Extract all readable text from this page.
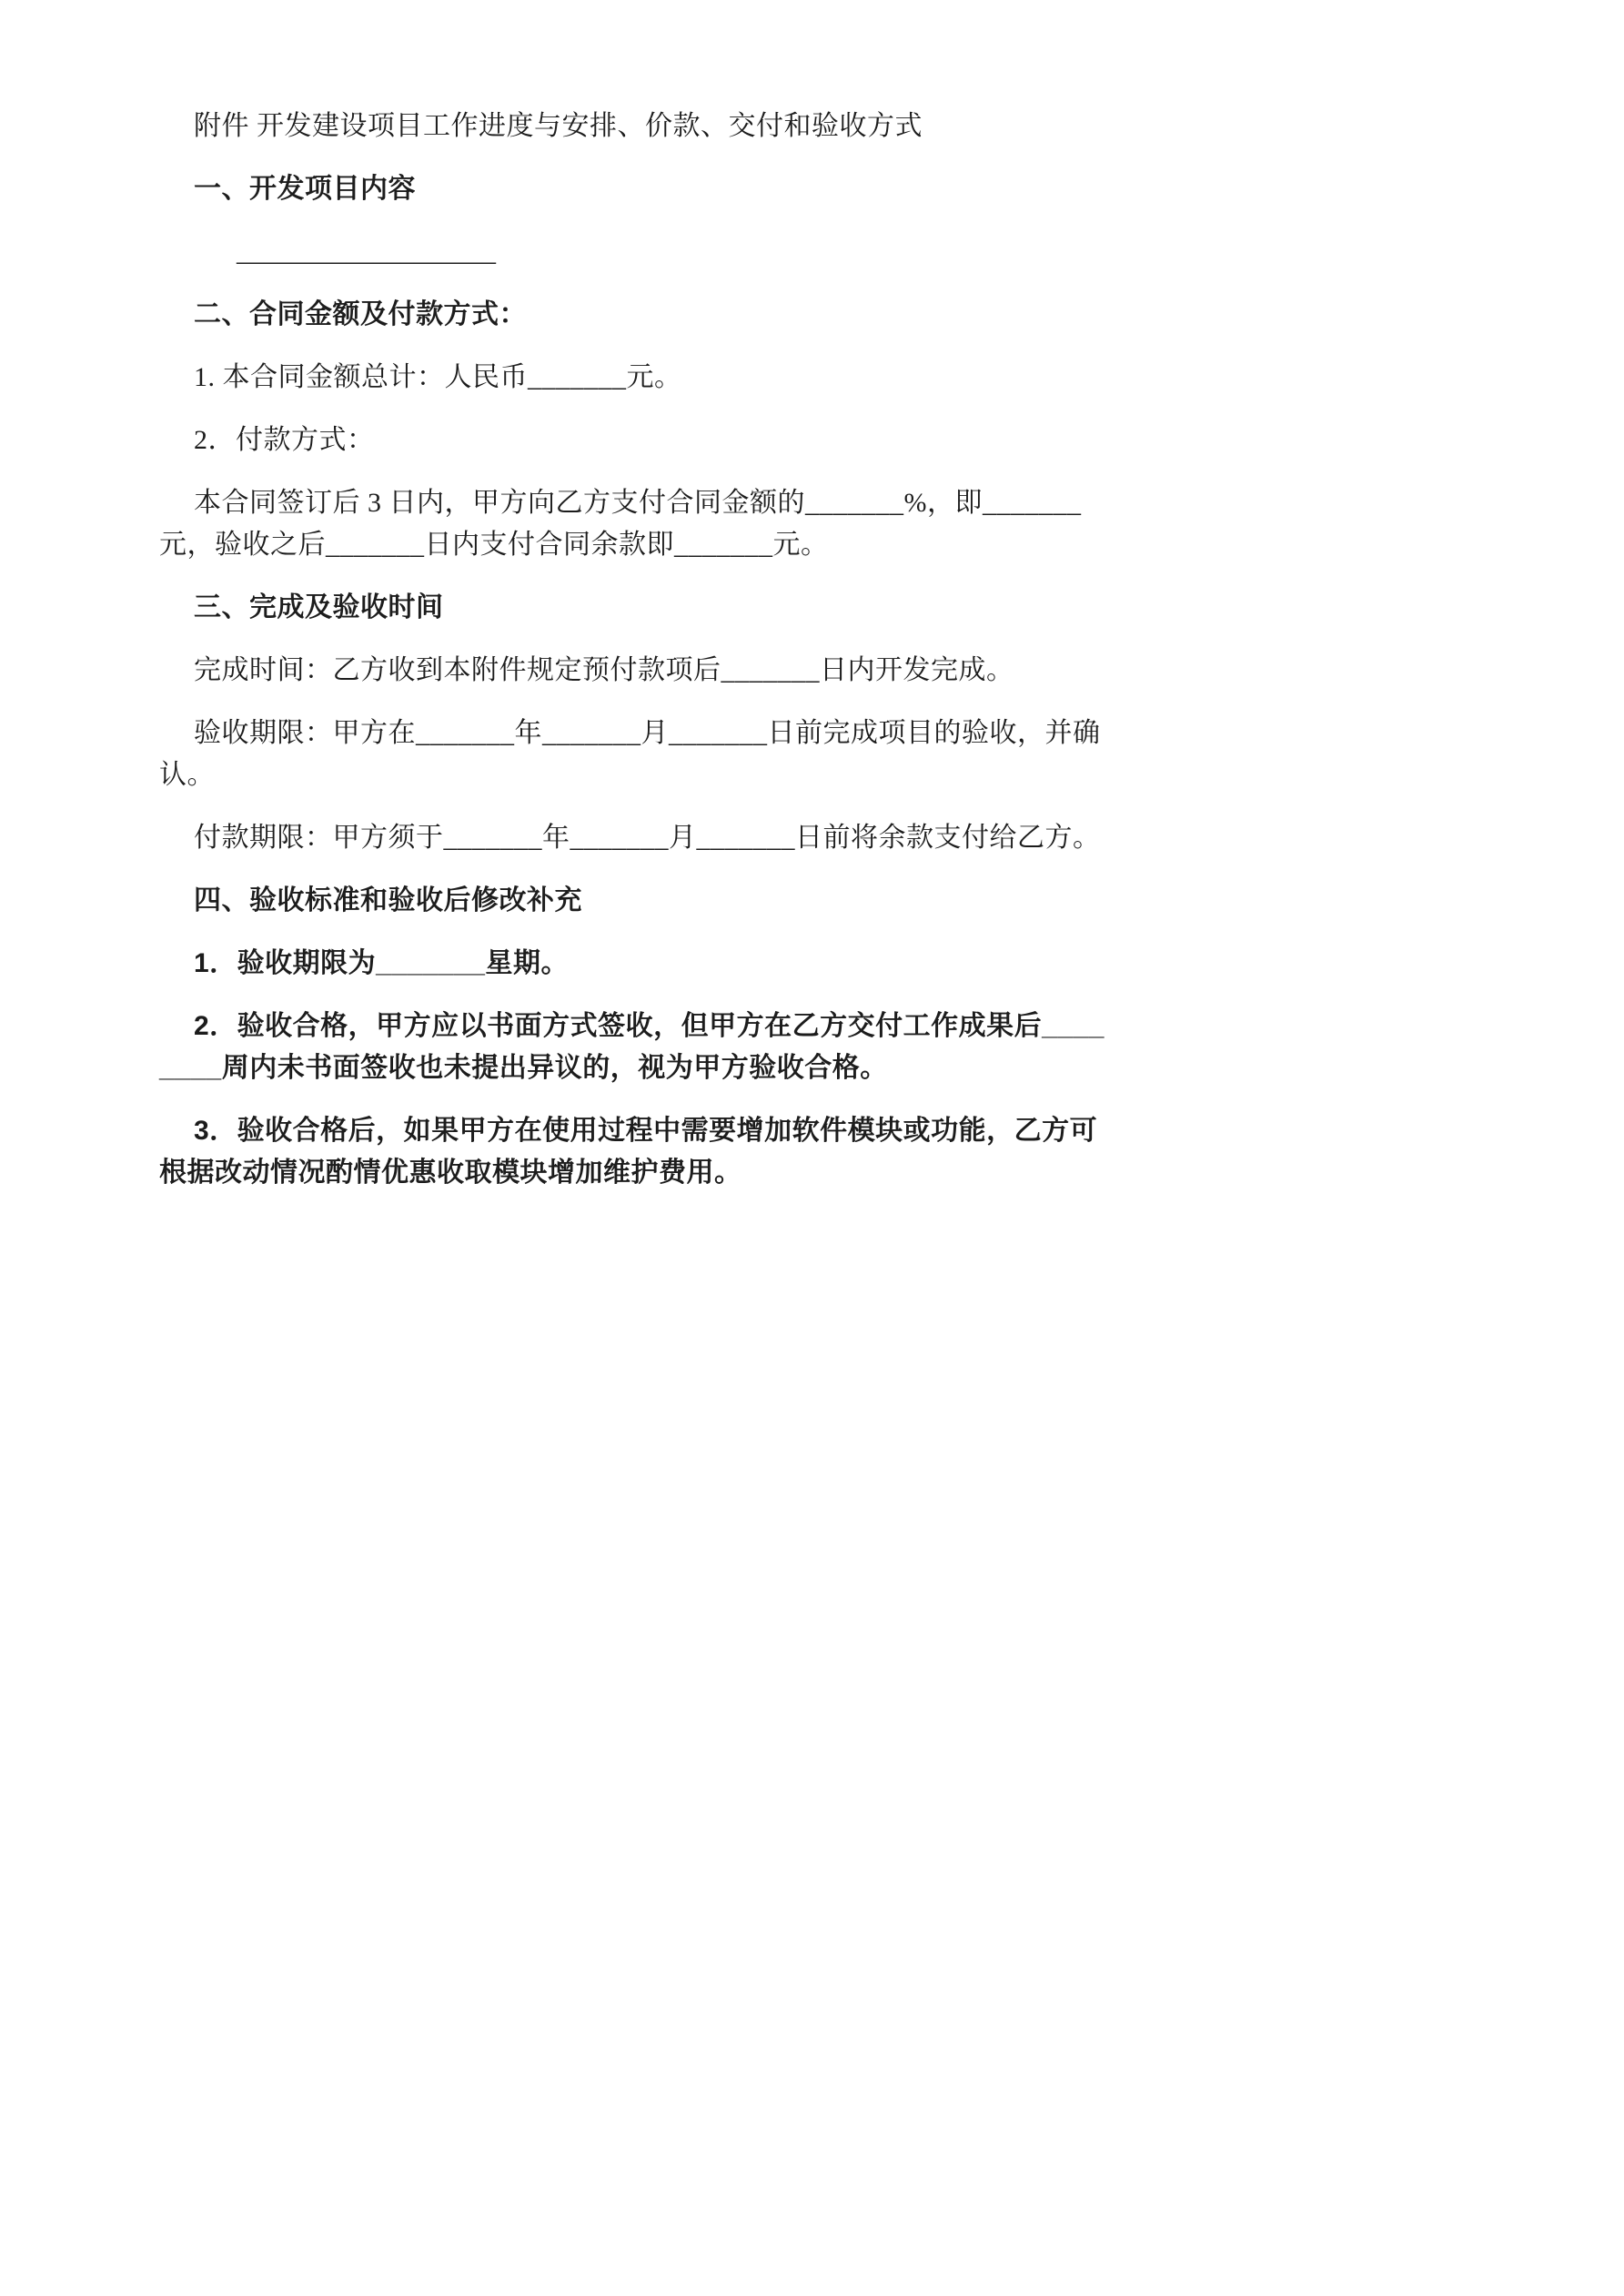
附件 开发建设项目工作进度与安排、价款、交付和验收方式

一、开发项目内容

___________________

二、合同金额及付款方式：

1. 本合同金额总计：人民币_______元。

2．付款方式：

本合同签订后 3 日内，甲方向乙方支付合同金额的_______%，即_______
元，验收之后_______日内支付合同余款即_______元。

三、完成及验收时间

完成时间：乙方收到本附件规定预付款项后_______日内开发完成。

验收期限：甲方在_______年_______月_______日前完成项目的验收，并确
认。

付款期限：甲方须于_______年_______月_______日前将余款支付给乙方。

四、验收标准和验收后修改补充

1．验收期限为_______星期。

2．验收合格，甲方应以书面方式签收，但甲方在乙方交付工作成果后____
____周内未书面签收也未提出异议的，视为甲方验收合格。

3．验收合格后，如果甲方在使用过程中需要增加软件模块或功能，乙方可
根据改动情况酌情优惠收取模块增加维护费用。
